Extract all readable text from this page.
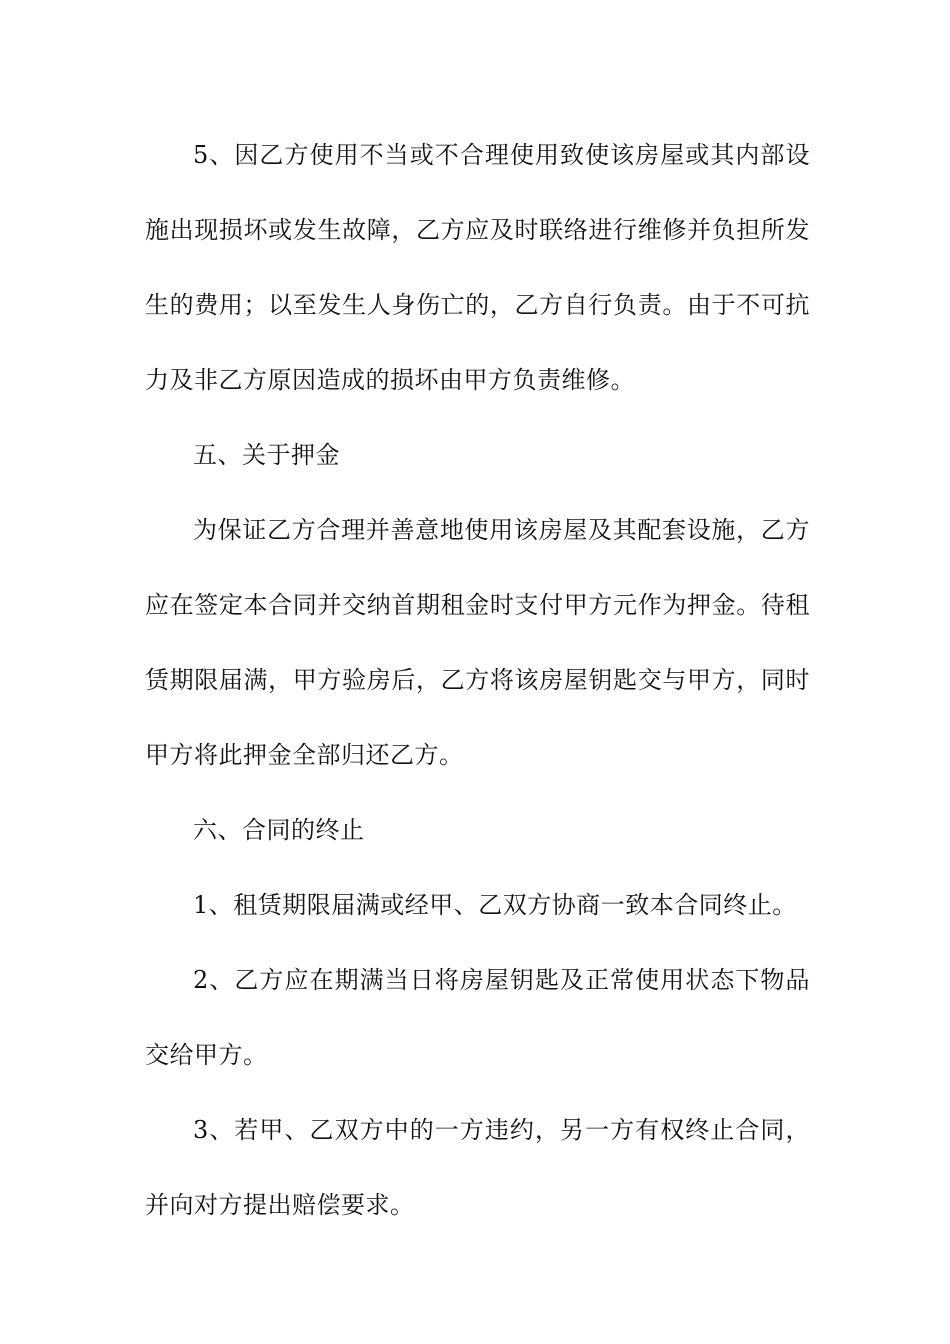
5、因乙方使用不当或不合理使用致使该房屋或其内部设施出现损坏或发生故障，乙方应及时联络进行维修并负担所发生的费用；以至发生人身伤亡的，乙方自行负责。由于不可抗力及非乙方原因造成的损坏由甲方负责维修。

五、关于押金

为保证乙方合理并善意地使用该房屋及其配套设施，乙方应在签定本合同并交纳首期租金时支付甲方元作为押金。待租赁期限届满，甲方验房后，乙方将该房屋钥匙交与甲方，同时甲方将此押金全部归还乙方。

六、合同的终止

1、租赁期限届满或经甲、乙双方协商一致本合同终止。

2、乙方应在期满当日将房屋钥匙及正常使用状态下物品交给甲方。

3、若甲、乙双方中的一方违约，另一方有权终止合同，并向对方提出赔偿要求。
